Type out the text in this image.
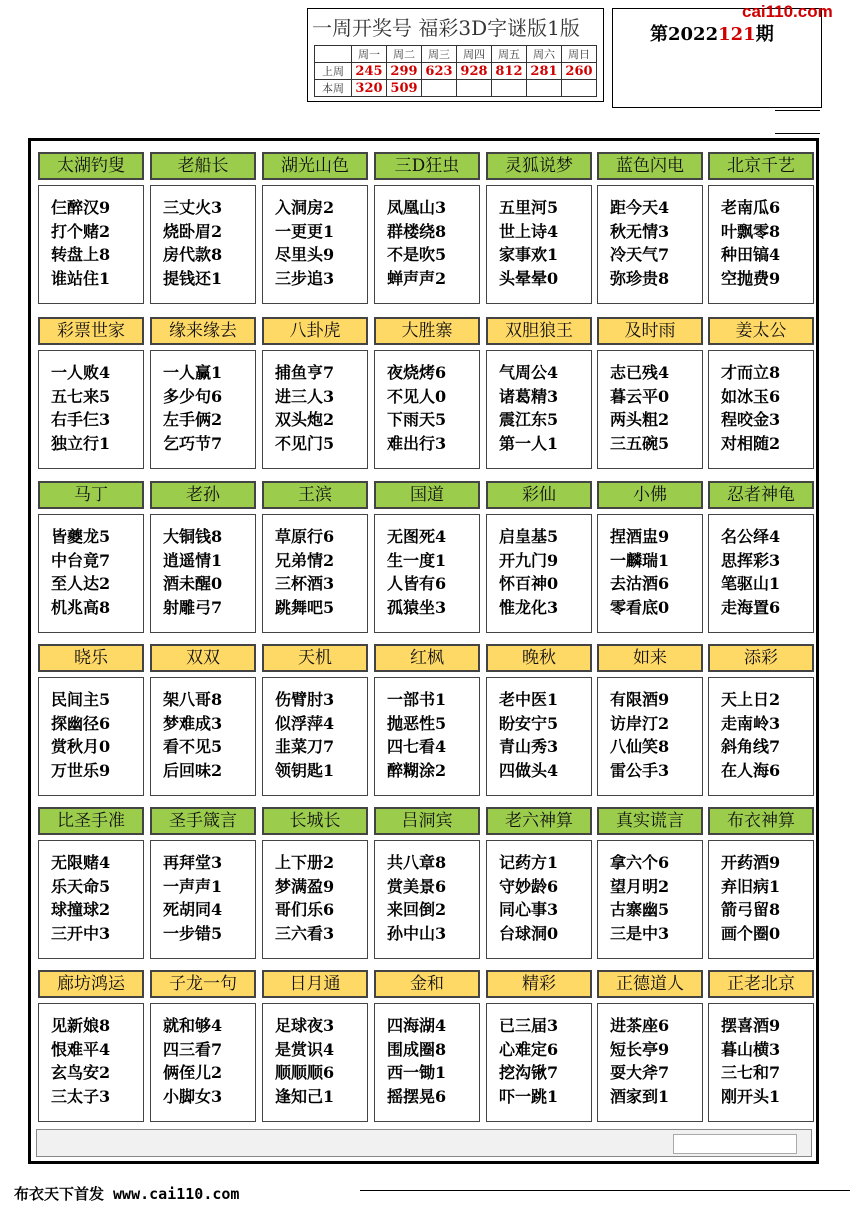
一周开奖号 福彩3D字谜版1版
	周一	周二	周三	周四	周五	周六	周日
上周	245	299	623	928	812	281	260
本周	320	509					
第2022121期
cai110.com
太湖钓叟
仨醉汉9
打个赌2
转盘上8
谁站住1
老船长
三丈火3
烧卧眉2
房代款8
提钱还1
湖光山色
入洞房2
一更更1
尽里头9
三步追3
三D狂虫
凤凰山3
群楼绕8
不是吹5
蝉声声2
灵狐说梦
五里河5
世上诗4
家事欢1
头晕晕0
蓝色闪电
距今天4
秋无情3
冷天气7
弥珍贵8
北京千艺
老南瓜6
叶飘零8
种田镐4
空抛费9
彩票世家
一人败4
五七来5
右手仨3
独立行1
缘来缘去
一人赢1
多少句6
左手俩2
乞巧节7
八卦虎
捕鱼亨7
进三人3
双头炮2
不见门5
大胜寨
夜烧烤6
不见人0
下雨天5
难出行3
双胆狼王
气周公4
诸葛精3
震江东5
第一人1
及时雨
志已残4
暮云平0
两头粗2
三五碗5
姜太公
才而立8
如冰玉6
程咬金3
对相随2
马丁
皆夔龙5
中台竟7
至人达2
机兆高8
老孙
大铜钱8
逍遥情1
酒未醒0
射雕弓7
王滨
草原行6
兄弟情2
三杯酒3
跳舞吧5
国道
无图死4
生一度1
人皆有6
孤猿坐3
彩仙
启皇基5
开九门9
怀百神0
惟龙化3
小佛
捏酒盅9
一麟瑞1
去沽酒6
零看底0
忍者神龟
名公绎4
思挥彩3
笔驱山1
走海置6
晓乐
民间主5
探幽径6
赏秋月0
万世乐9
双双
架八哥8
梦难成3
看不见5
后回味2
天机
伤臂肘3
似浮萍4
韭菜刀7
领钥匙1
红枫
一部书1
抛恶性5
四七看4
醉糊涂2
晚秋
老中医1
盼安宁5
青山秀3
四做头4
如来
有限酒9
访岸汀2
八仙笑8
雷公手3
添彩
天上日2
走南岭3
斜角线7
在人海6
比圣手准
无限赌4
乐天命5
球撞球2
三开中3
圣手箴言
再拜堂3
一声声1
死胡同4
一步错5
长城长
上下册2
梦满盈9
哥们乐6
三六看3
吕洞宾
共八章8
赏美景6
来回倒2
孙中山3
老六神算
记药方1
守妙龄6
同心事3
台球洞0
真实谎言
拿六个6
望月明2
古寨幽5
三是中3
布衣神算
开药酒9
弃旧病1
箭弓留8
画个圈0
廊坊鸿运
见新娘8
恨难平4
玄鸟安2
三太子3
子龙一句
就和够4
四三看7
俩侄儿2
小脚女3
日月通
足球夜3
是赏识4
顺顺顺6
逢知己1
金和
四海湖4
围成圈8
西一锄1
摇摆晃6
精彩
已三届3
心难定6
挖沟锹7
吓一跳1
正德道人
进茶座6
短长亭9
耍大斧7
酒家到1
正老北京
摆喜酒9
暮山横3
三七和7
刚开头1
布衣天下首发 www.cai110.com
